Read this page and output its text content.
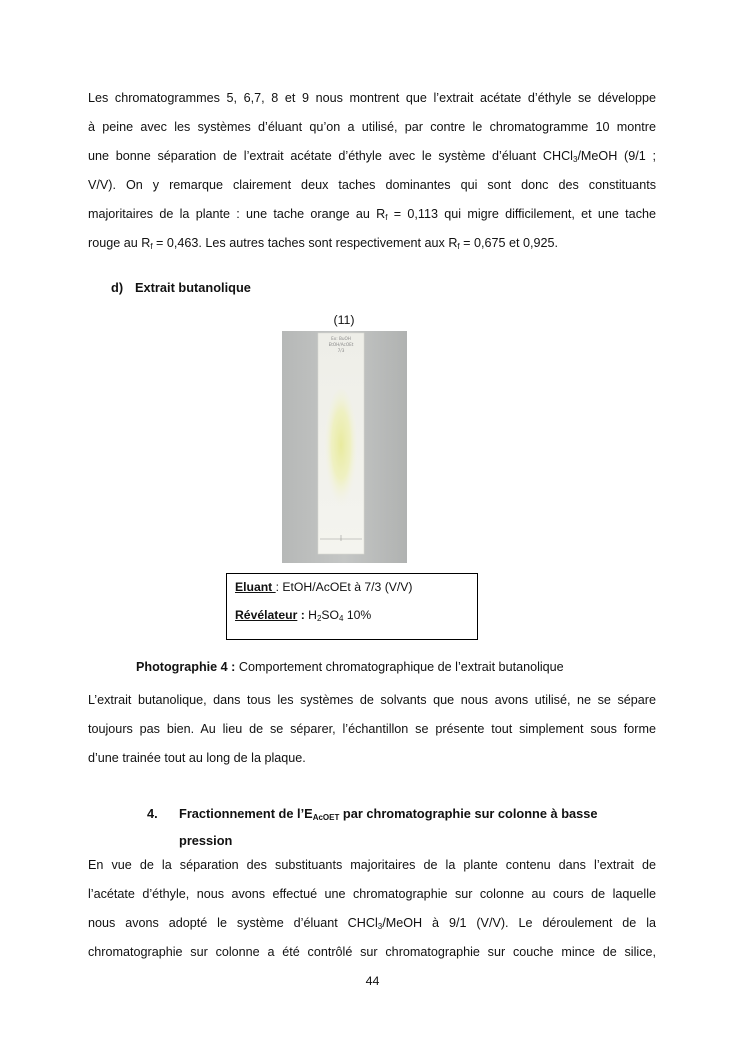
Les chromatogrammes 5, 6,7, 8 et 9 nous montrent que l’extrait acétate d’éthyle se développe
à peine avec les systèmes d’éluant qu’on a utilisé, par contre le chromatogramme 10 montre
une bonne séparation de l’extrait acétate d’éthyle avec le système d’éluant CHCl$_3$/MeOH (9/1 ;
V/V). On y remarque clairement deux taches dominantes qui sont donc des constituants
majoritaires de la plante : une tache orange au $R_f = 0,113$ qui migre difficilement, et une tache
rouge au $R_f = 0,463$. Les autres taches sont respectivement aux $R_f = 0,675$ et 0,925.
d) Extrait butanolique
(11)
Ex: BuOH
EtOH/AcOEt
7/3
Eluant : EtOH/AcOEt à 7/3 (V/V)
Révélateur : $H_2SO_4$ 10%
Photographie 4 : Comportement chromatographique de l’extrait butanolique
L’extrait butanolique, dans tous les systèmes de solvants que nous avons utilisé, ne se sépare
toujours pas bien. Au lieu de se séparer, l’échantillon se présente tout simplement sous forme
d’une trainée tout au long de la plaque.
4. Fractionnement de $l’E_{AcOET}$ par chromatographie sur colonne à basse
pression
En vue de la séparation des substituants majoritaires de la plante contenu dans l’extrait de
l’acétate d’éthyle, nous avons effectué une chromatographie sur colonne au cours de laquelle
nous avons adopté le système d’éluant CHCl$_3$/MeOH à 9/1 (V/V). Le déroulement de la
chromatographie sur colonne a été contrôlé sur chromatographie sur couche mince de silice,
44
